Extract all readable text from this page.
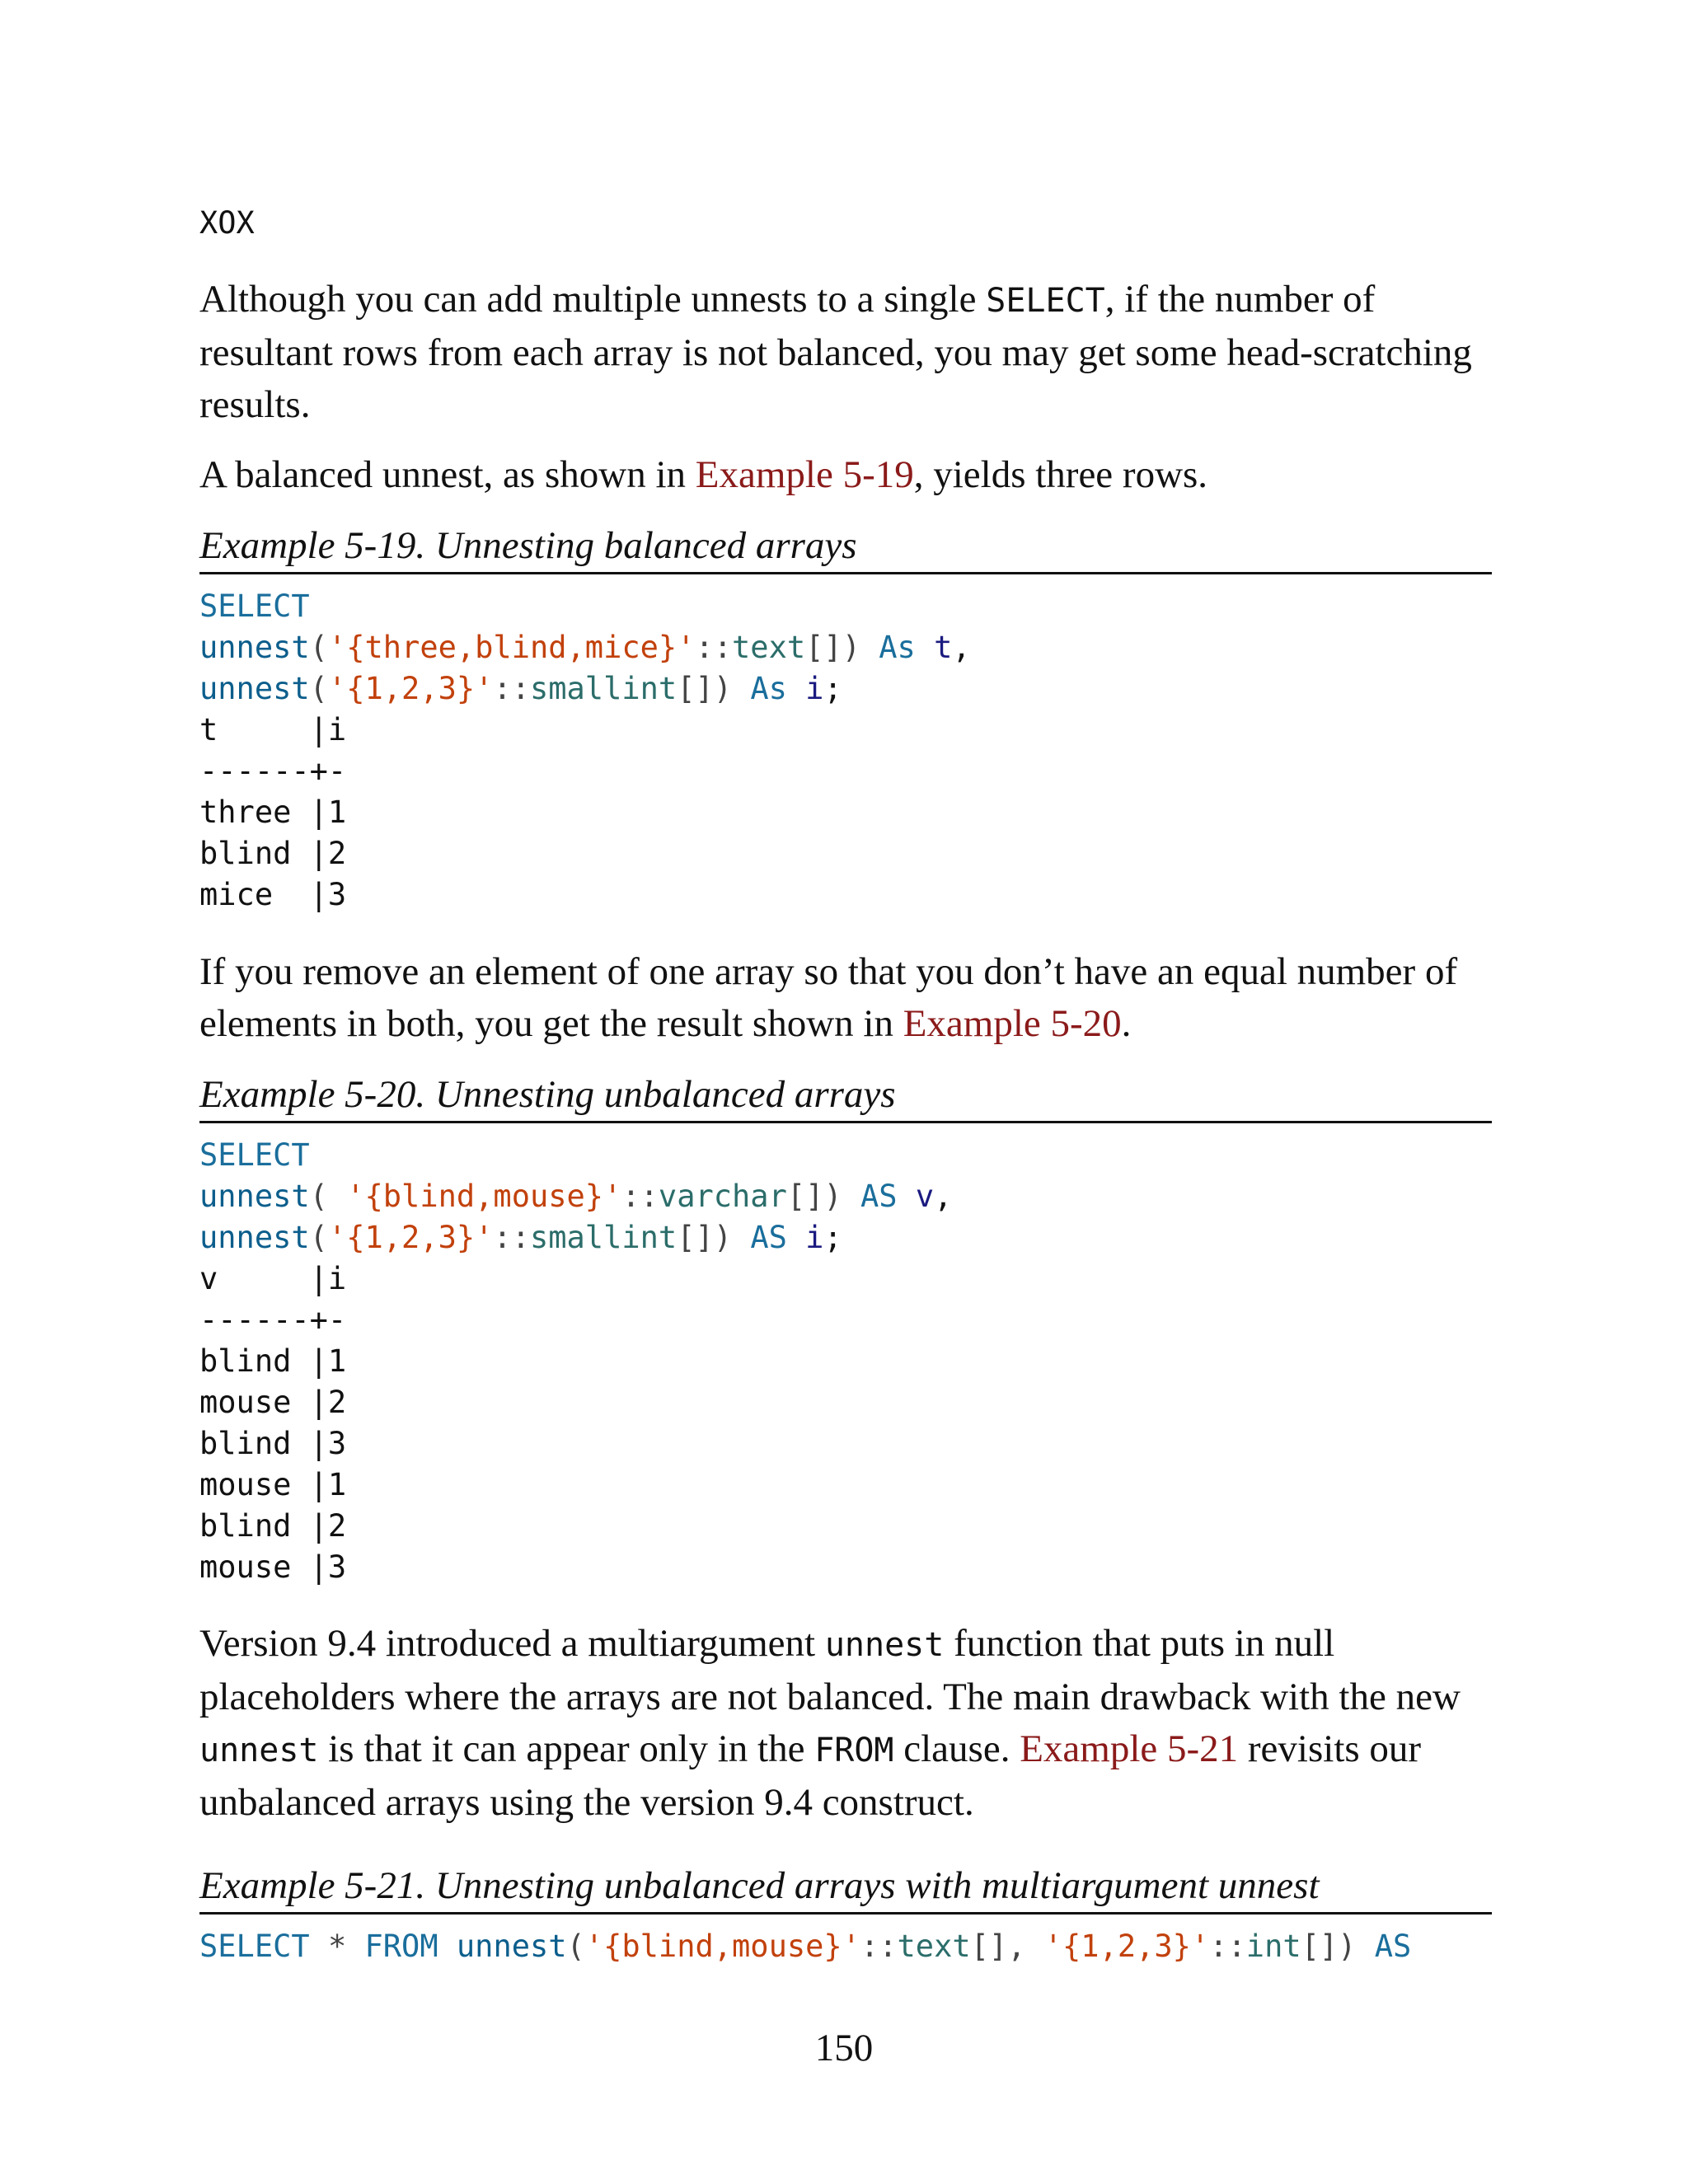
XOX

Although you can add multiple unnests to a single SELECT, if the number of resultant rows from each array is not balanced, you may get some head-scratching results.

A balanced unnest, as shown in Example 5-19, yields three rows.

Example 5-19. Unnesting balanced arrays

SELECT
unnest('{three,blind,mice}'::text[]) As t,
unnest('{1,2,3}'::smallint[]) As i;
t     |i
------+-
three |1
blind |2
mice  |3

If you remove an element of one array so that you don’t have an equal number of elements in both, you get the result shown in Example 5-20.

Example 5-20. Unnesting unbalanced arrays

SELECT
unnest( '{blind,mouse}'::varchar[]) AS v,
unnest('{1,2,3}'::smallint[]) AS i;
v     |i
------+-
blind |1
mouse |2
blind |3
mouse |1
blind |2
mouse |3

Version 9.4 introduced a multiargument unnest function that puts in null placeholders where the arrays are not balanced. The main drawback with the new unnest is that it can appear only in the FROM clause. Example 5-21 revisits our unbalanced arrays using the version 9.4 construct.

Example 5-21. Unnesting unbalanced arrays with multiargument unnest

SELECT * FROM unnest('{blind,mouse}'::text[], '{1,2,3}'::int[]) AS
150
